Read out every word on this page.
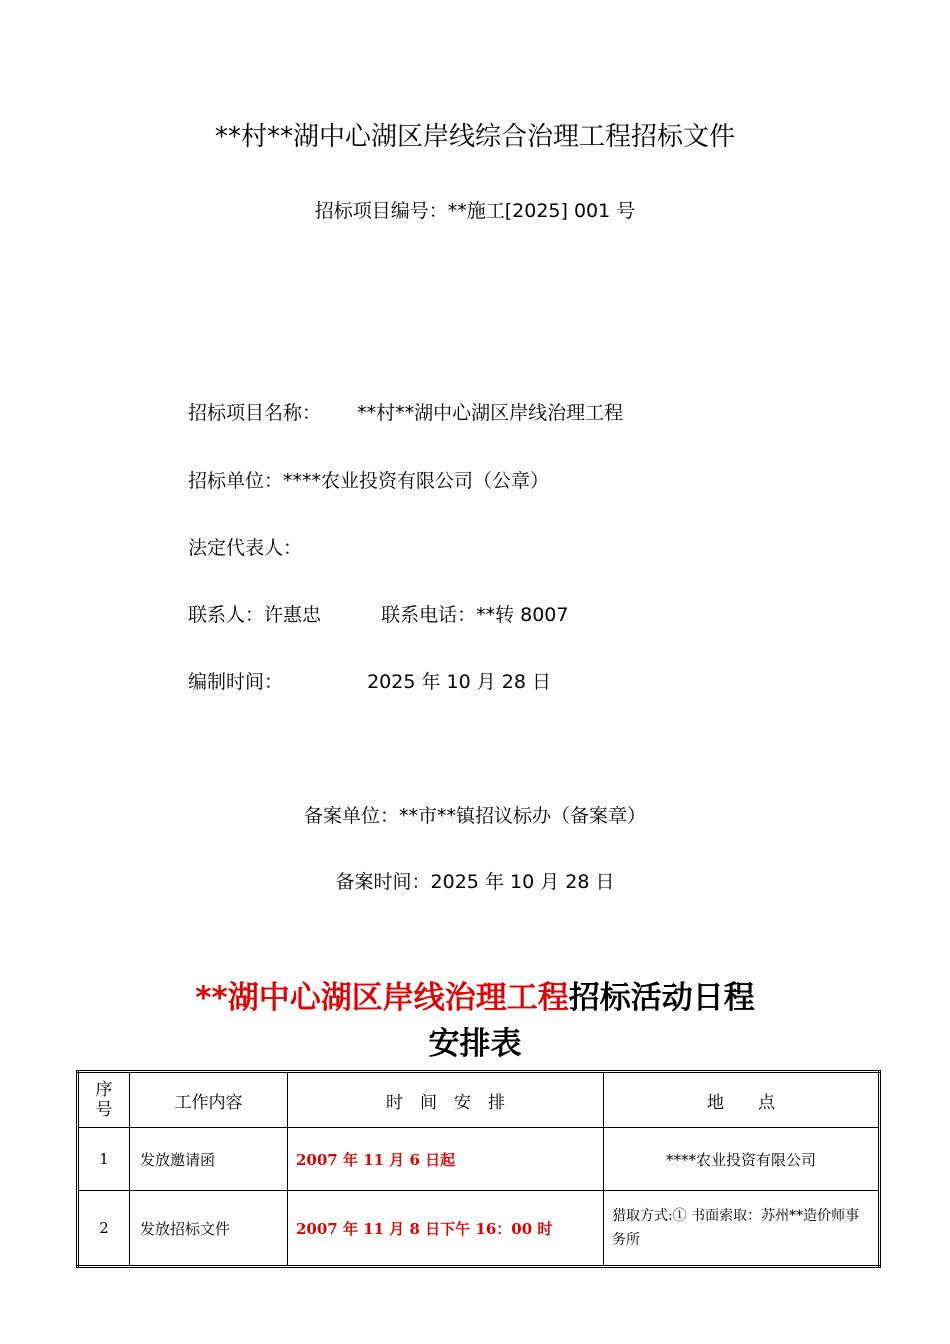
**村**湖中心湖区岸线综合治理工程招标文件
招标项目编号：**施工[2025] 001 号
招标项目名称： **村**湖中心湖区岸线治理工程
招标单位：****农业投资有限公司（公章）
法定代表人：
联系人：许惠忠	联系电话：**转 8007
编制时间：	2025 年 10 月 28 日
备案单位：**市**镇招议标办（备案章）
备案时间：2025 年 10 月 28 日
**湖中心湖区岸线治理工程招标活动日程
安排表
序号	工作内容	时　间　安　排	地　　点
1	发放邀请函	2007 年 11 月 6 日起	****农业投资有限公司
2	发放招标文件	2007 年 11 月 8 日下午 16：00 时	猎取方式:① 书面索取：苏州**造价师事务所
